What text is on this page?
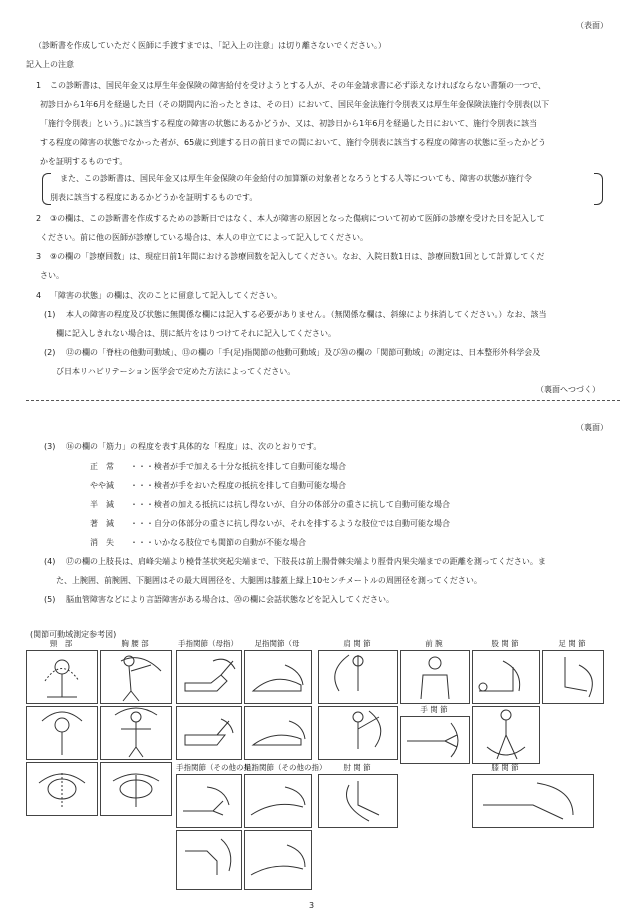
（表面）
（診断書を作成していただく医師に手渡すまでは、「記入上の注意」は切り離さないでください。）
記入上の注意
1 この診断書は、国民年金又は厚生年金保険の障害給付を受けようとする人が、その年金請求書に必ず添えなければならない書類の一つで、
初診日から1年6月を経過した日（その期間内に治ったときは、その日）において、国民年金法施行令別表又は厚生年金保険法施行令別表(以下
「施行令別表」という。)に該当する程度の障害の状態にあるかどうか、又は、初診日から1年6月を経過した日において、施行令別表に該当
する程度の障害の状態でなかった者が、65歳に到達する日の前日までの間において、施行令別表に該当する程度の障害の状態に至ったかどう
かを証明するものです。
また、この診断書は、国民年金又は厚生年金保険の年金給付の加算額の対象者となろうとする人等についても、障害の状態が施行令
別表に該当する程度にあるかどうかを証明するものです。
2 ③の欄は、この診断書を作成するための診断日ではなく、本人が障害の原因となった傷病について初めて医師の診療を受けた日を記入して
ください。前に他の医師が診療している場合は、本人の申立てによって記入してください。
3 ⑨の欄の「診療回数」は、現症日前1年間における診療回数を記入してください。なお、入院日数1日は、診療回数1回として計算してくだ
さい。
4 「障害の状態」の欄は、次のことに留意して記入してください。
(1) 本人の障害の程度及び状態に無関係な欄には記入する必要がありません。（無関係な欄は、斜線により抹消してください。）なお、該当
欄に記入しきれない場合は、別に紙片をはりつけてそれに記入してください。
(2) ⑫の欄の「脊柱の他動可動域」、⑬の欄の「手(足)指関節の他動可動域」及び⑳の欄の「関節可動域」の測定は、日本整形外科学会及
び日本リハビリテーション医学会で定めた方法によってください。
（裏面へつづく）
（裏面）
(3) ⑯の欄の「筋力」の程度を表す具体的な「程度」は、次のとおりです。
正　常 ・・・検者が手で加える十分な抵抗を排して自動可能な場合
やや減 ・・・検者が手をおいた程度の抵抗を排して自動可能な場合
半　減 ・・・検者の加える抵抗には抗し得ないが、自分の体部分の重さに抗して自動可能な場合
著　減 ・・・自分の体部分の重さに抗し得ないが、それを排するような肢位では自動可能な場合
消　失 ・・・いかなる肢位でも関節の自動が不能な場合
(4) ⑰の欄の上肢長は、肩峰尖端より橈骨茎状突起尖端まで、下肢長は前上腸骨棘尖端より脛骨内果尖端までの距離を測ってください。ま
た、上腕囲、前腕囲、下腿囲はその最大周囲径を、大腿囲は膝蓋上縁上10センチメートルの周囲径を測ってください。
(5) 脳血管障害などにより言語障害がある場合は、⑳の欄に会話状態などを記入してください。
(関節可動域測定参考図)
頸　部	胸 腰 部	手指関節（母指）	足指関節（母
手指関節（その他の指）
足指関節（その他の指）
肩 関 節
肘 関 節
前 腕
手 関 節
股 関 節
膝 関 節
足 関 節
3
